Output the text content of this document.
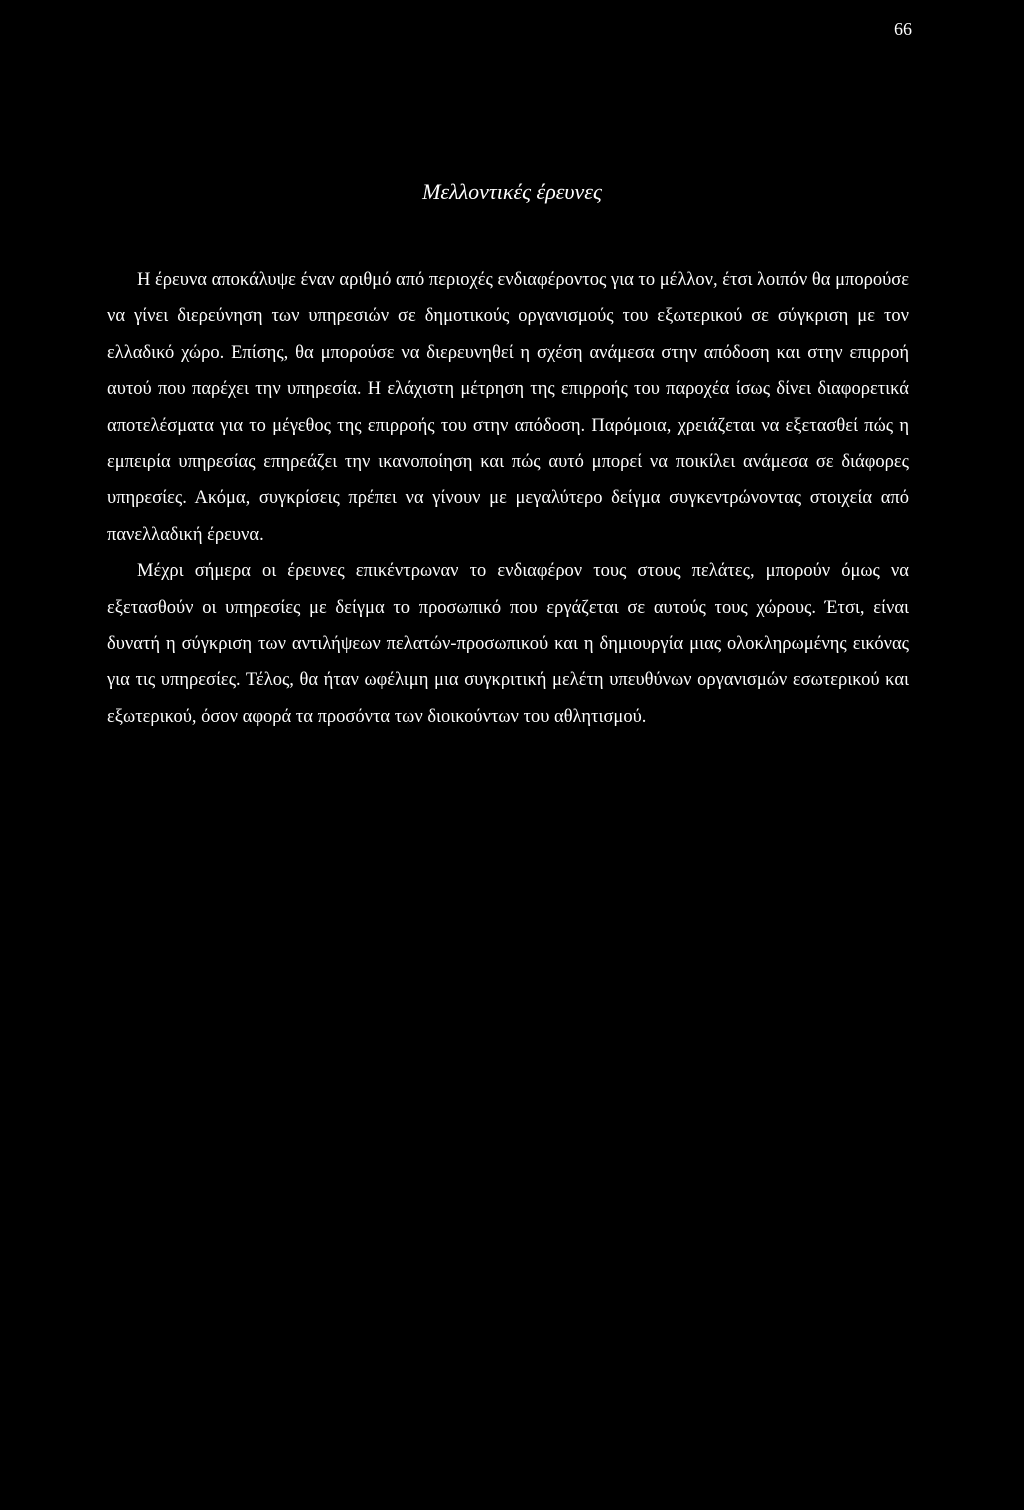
66
Μελλοντικές έρευνες

Η έρευνα αποκάλυψε έναν αριθμό από περιοχές ενδιαφέροντος για το μέλλον, έτσι λοιπόν θα μπορούσε να γίνει διερεύνηση των υπηρεσιών σε δημοτικούς οργανισμούς του εξωτερικού σε σύγκριση με τον ελλαδικό χώρο. Επίσης, θα μπορούσε να διερευνηθεί η σχέση ανάμεσα στην απόδοση και στην επιρροή αυτού που παρέχει την υπηρεσία. Η ελάχιστη μέτρηση της επιρροής του παροχέα ίσως δίνει διαφορετικά αποτελέσματα για το μέγεθος της επιρροής του στην απόδοση. Παρόμοια, χρειάζεται να εξετασθεί πώς η εμπειρία υπηρεσίας επηρεάζει την ικανοποίηση και πώς αυτό μπορεί να ποικίλει ανάμεσα σε διάφορες υπηρεσίες. Ακόμα, συγκρίσεις πρέπει να γίνουν με μεγαλύτερο δείγμα συγκεντρώνοντας στοιχεία από πανελλαδική έρευνα.

Μέχρι σήμερα οι έρευνες επικέντρωναν το ενδιαφέρον τους στους πελάτες, μπορούν όμως να εξετασθούν οι υπηρεσίες με δείγμα το προσωπικό που εργάζεται σε αυτούς τους χώρους. Έτσι, είναι δυνατή η σύγκριση των αντιλήψεων πελατών-προσωπικού και η δημιουργία μιας ολοκληρωμένης εικόνας για τις υπηρεσίες. Τέλος, θα ήταν ωφέλιμη μια συγκριτική μελέτη υπευθύνων οργανισμών εσωτερικού και εξωτερικού, όσον αφορά τα προσόντα των διοικούντων του αθλητισμού.
